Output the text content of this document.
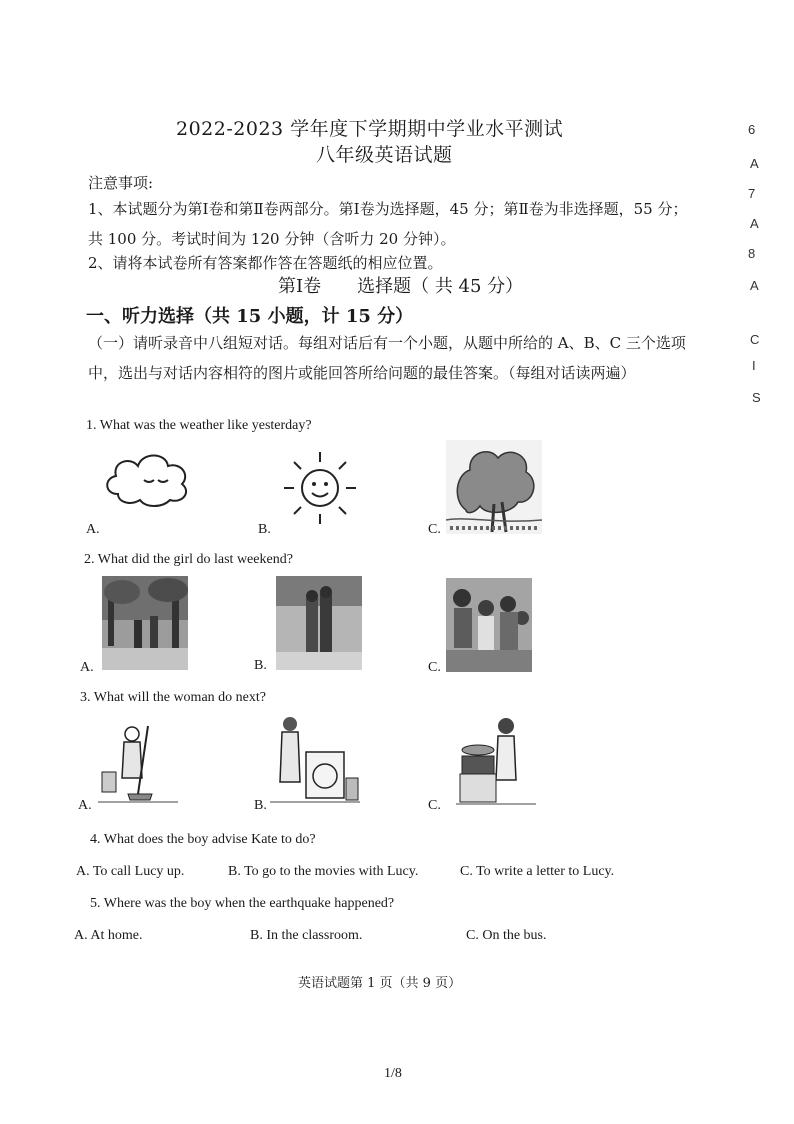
2022-2023 学年度下学期期中学业水平测试
八年级英语试题
注意事项:
1、本试题分为第Ⅰ卷和第Ⅱ卷两部分。第Ⅰ卷为选择题，45 分；第Ⅱ卷为非选择题，55 分；共 100 分。考试时间为 120 分钟（含听力 20 分钟）。
2、请将本试卷所有答案都作答在答题纸的相应位置。
第Ⅰ卷　　选择题（ 共 45 分）
一、听力选择（共 15 小题，计 15 分）
（一）请听录音中八组短对话。每组对话后有一个小题，从题中所给的 A、B、C 三个选项中，选出与对话内容相符的图片或能回答所给问题的最佳答案。（每组对话读两遍）
1. What was the weather like yesterday?
A.	B.	C.
2. What did the girl do last weekend?
A.	B.	C.
3. What will the woman do next?
A.	B.	C.
4. What does the boy advise Kate to do?
A. To call Lucy up.	B. To go to the movies with Lucy.	C. To write a letter to Lucy.
5. Where was the boy when the earthquake happened?
A. At home.	B. In the classroom.	C. On the bus.
英语试题第 1 页（共 9 页）
1/8
6
A
7
A
8
A
C
I
S
